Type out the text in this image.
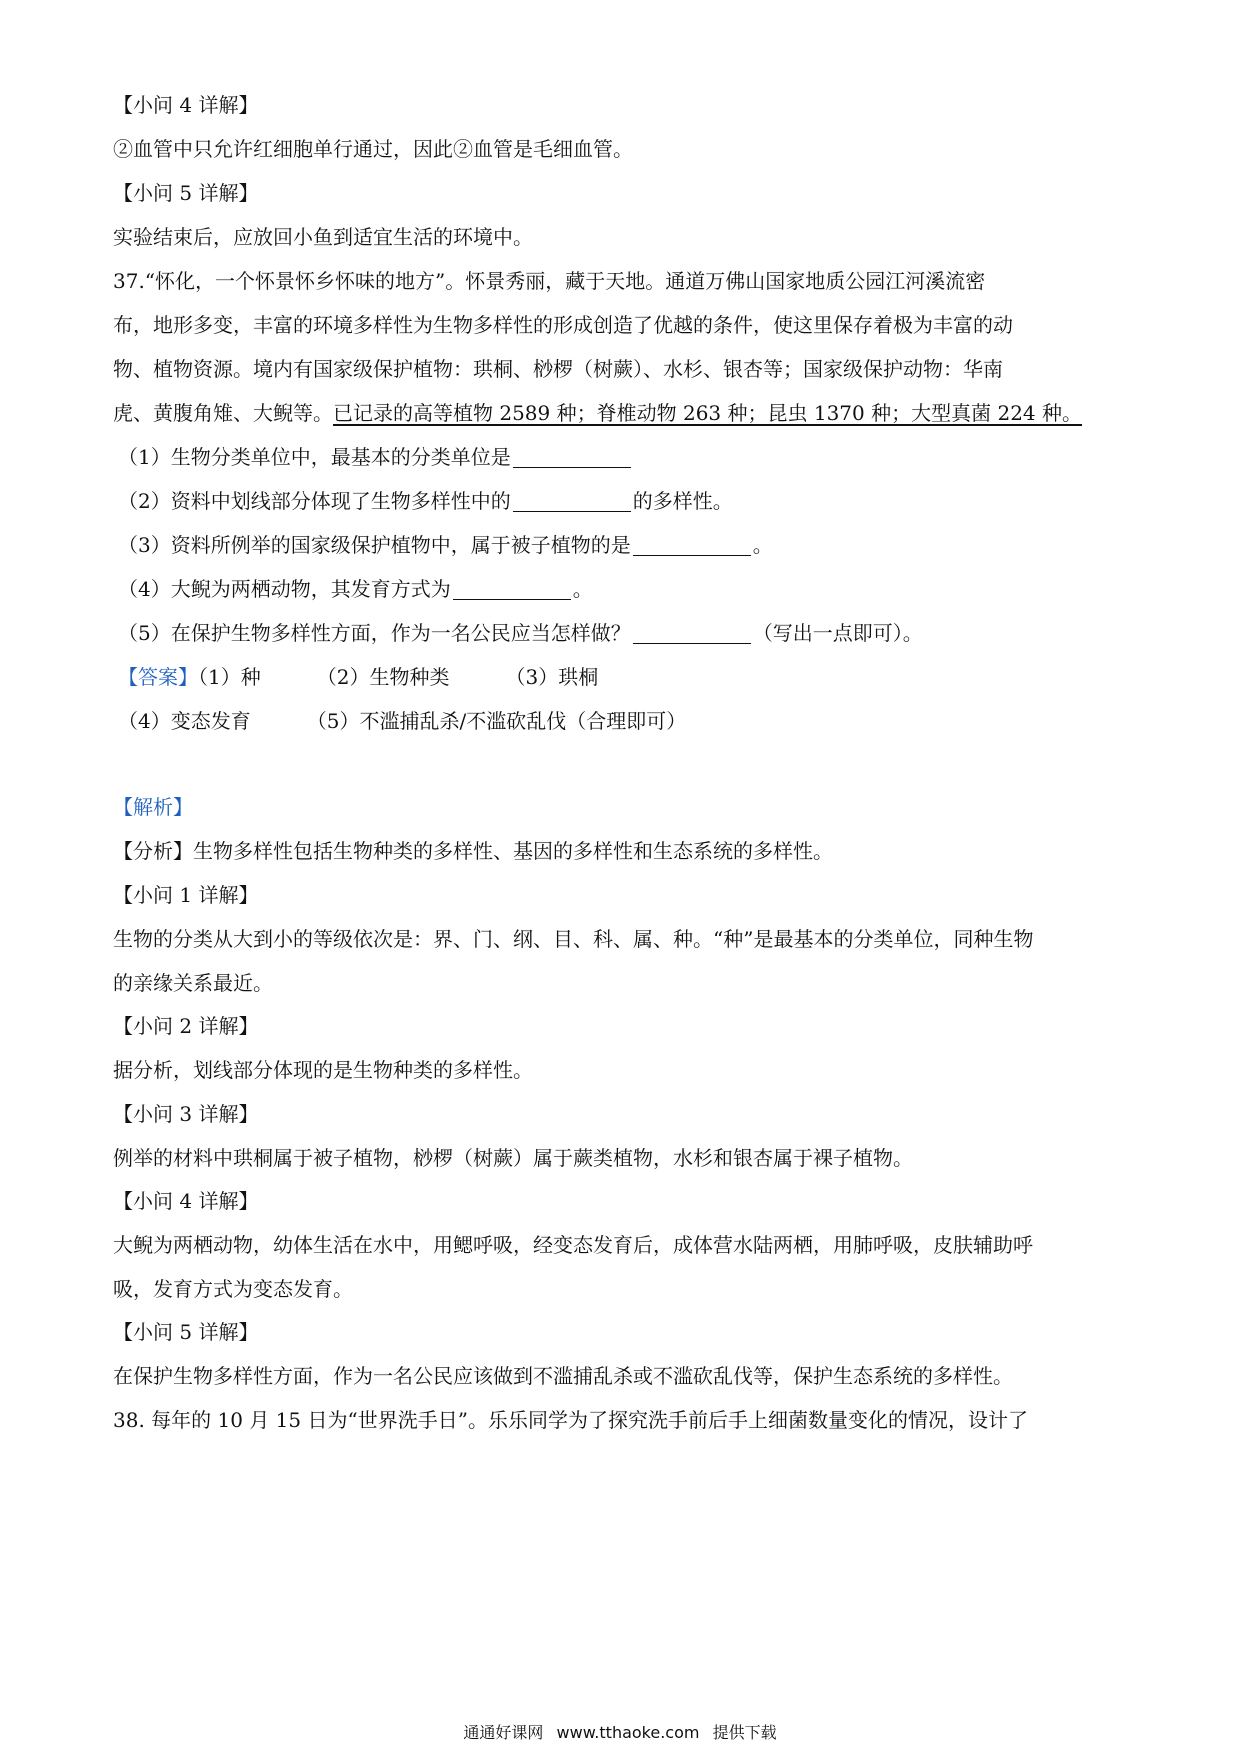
【小问 4 详解】
②血管中只允许红细胞单行通过，因此②血管是毛细血管。
【小问 5 详解】
实验结束后，应放回小鱼到适宜生活的环境中。
37.“怀化，一个怀景怀乡怀味的地方”。怀景秀丽，藏于天地。通道万佛山国家地质公园江河溪流密
布，地形多变，丰富的环境多样性为生物多样性的形成创造了优越的条件，使这里保存着极为丰富的动
物、植物资源。境内有国家级保护植物：珙桐、桫椤（树蕨）、水杉、银杏等；国家级保护动物：华南
虎、黄腹角雉、大鲵等。已记录的高等植物 2589 种；脊椎动物 263 种；昆虫 1370 种；大型真菌 224 种。
（1）生物分类单位中，最基本的分类单位是
（2）资料中划线部分体现了生物多样性中的	的多样性。
（3）资料所例举的国家级保护植物中，属于被子植物的是	。
（4）大鲵为两栖动物，其发育方式为	。
（5）在保护生物多样性方面，作为一名公民应当怎样做？	（写出一点即可）。
【答案】（1）种	（2）生物种类	（3）珙桐
（4）变态发育	（5）不滥捕乱杀/不滥砍乱伐（合理即可）
【解析】
【分析】生物多样性包括生物种类的多样性、基因的多样性和生态系统的多样性。
【小问 1 详解】
生物的分类从大到小的等级依次是：界、门、纲、目、科、属、种。“种”是最基本的分类单位，同种生物
的亲缘关系最近。
【小问 2 详解】
据分析，划线部分体现的是生物种类的多样性。
【小问 3 详解】
例举的材料中珙桐属于被子植物，桫椤（树蕨）属于蕨类植物，水杉和银杏属于裸子植物。
【小问 4 详解】
大鲵为两栖动物，幼体生活在水中，用鳃呼吸，经变态发育后，成体营水陆两栖，用肺呼吸，皮肤辅助呼
吸，发育方式为变态发育。
【小问 5 详解】
在保护生物多样性方面，作为一名公民应该做到不滥捕乱杀或不滥砍乱伐等，保护生态系统的多样性。
38. 每年的 10 月 15 日为“世界洗手日”。乐乐同学为了探究洗手前后手上细菌数量变化的情况，设计了
通通好课网 www.tthaoke.com 提供下载
